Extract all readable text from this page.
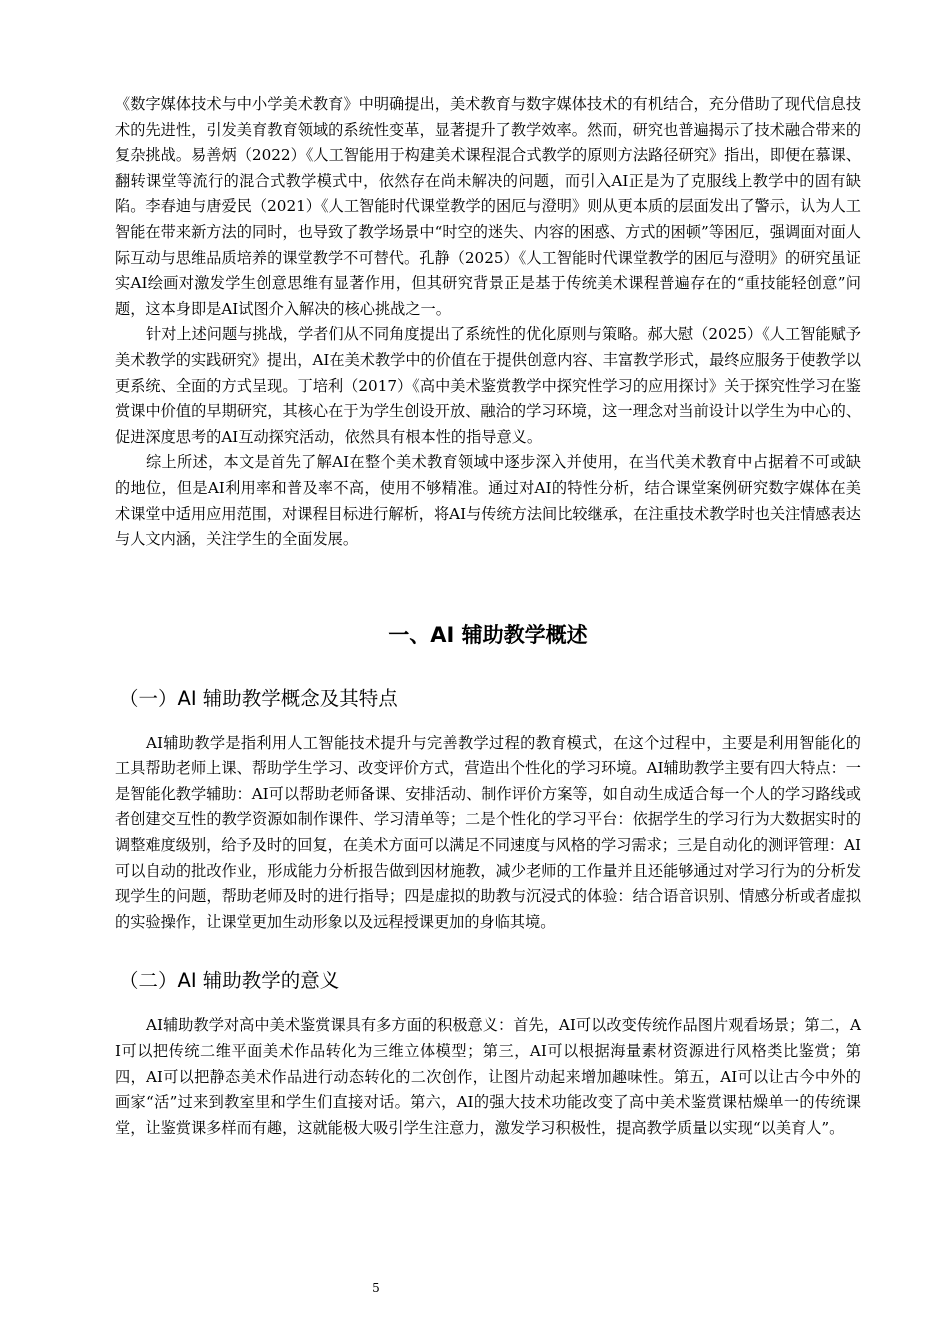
《数字媒体技术与中小学美术教育》中明确提出，美术教育与数字媒体技术的有机结合，充分借助了现代信息技术的先进性，引发美育教育领域的系统性变革，显著提升了教学效率。然而，研究也普遍揭示了技术融合带来的复杂挑战。易善炳（2022）《人工智能用于构建美术课程混合式教学的原则方法路径研究》指出，即便在慕课、翻转课堂等流行的混合式教学模式中，依然存在尚未解决的问题，而引入AI正是为了克服线上教学中的固有缺陷。李春迪与唐爱民（2021）《人工智能时代课堂教学的困厄与澄明》则从更本质的层面发出了警示，认为人工智能在带来新方法的同时，也导致了教学场景中“时空的迷失、内容的困惑、方式的困顿”等困厄，强调面对面人际互动与思维品质培养的课堂教学不可替代。孔静（2025）《人工智能时代课堂教学的困厄与澄明》的研究虽证实AI绘画对激发学生创意思维有显著作用，但其研究背景正是基于传统美术课程普遍存在的“重技能轻创意”问题，这本身即是AI试图介入解决的核心挑战之一。

针对上述问题与挑战，学者们从不同角度提出了系统性的优化原则与策略。郝大慰（2025）《人工智能赋予美术教学的实践研究》提出，AI在美术教学中的价值在于提供创意内容、丰富教学形式，最终应服务于使教学以更系统、全面的方式呈现。丁培利（2017）《高中美术鉴赏教学中探究性学习的应用探讨》关于探究性学习在鉴赏课中价值的早期研究，其核心在于为学生创设开放、融洽的学习环境，这一理念对当前设计以学生为中心的、促进深度思考的AI互动探究活动，依然具有根本性的指导意义。

综上所述，本文是首先了解AI在整个美术教育领域中逐步深入并使用，在当代美术教育中占据着不可或缺的地位，但是AI利用率和普及率不高，使用不够精准。通过对AI的特性分析，结合课堂案例研究数字媒体在美术课堂中适用应用范围，对课程目标进行解析，将AI与传统方法间比较继承，在注重技术教学时也关注情感表达与人文内涵，关注学生的全面发展。

一、AI 辅助教学概述
（一）AI 辅助教学概念及其特点

AI辅助教学是指利用人工智能技术提升与完善教学过程的教育模式，在这个过程中，主要是利用智能化的工具帮助老师上课、帮助学生学习、改变评价方式，营造出个性化的学习环境。AI辅助教学主要有四大特点：一是智能化教学辅助：AI可以帮助老师备课、安排活动、制作评价方案等，如自动生成适合每一个人的学习路线或者创建交互性的教学资源如制作课件、学习清单等；二是个性化的学习平台：依据学生的学习行为大数据实时的调整难度级别，给予及时的回复，在美术方面可以满足不同速度与风格的学习需求；三是自动化的测评管理：AI可以自动的批改作业，形成能力分析报告做到因材施教，减少老师的工作量并且还能够通过对学习行为的分析发现学生的问题，帮助老师及时的进行指导；四是虚拟的助教与沉浸式的体验：结合语音识别、情感分析或者虚拟的实验操作，让课堂更加生动形象以及远程授课更加的身临其境。

（二）AI 辅助教学的意义

AI辅助教学对高中美术鉴赏课具有多方面的积极意义：首先，AI可以改变传统作品图片观看场景；第二，AI可以把传统二维平面美术作品转化为三维立体模型；第三，AI可以根据海量素材资源进行风格类比鉴赏；第四，AI可以把静态美术作品进行动态转化的二次创作，让图片动起来增加趣味性。第五，AI可以让古今中外的画家“活”过来到教室里和学生们直接对话。第六，AI的强大技术功能改变了高中美术鉴赏课枯燥单一的传统课堂，让鉴赏课多样而有趣，这就能极大吸引学生注意力，激发学习积极性，提高教学质量以实现“以美育人”。

5
